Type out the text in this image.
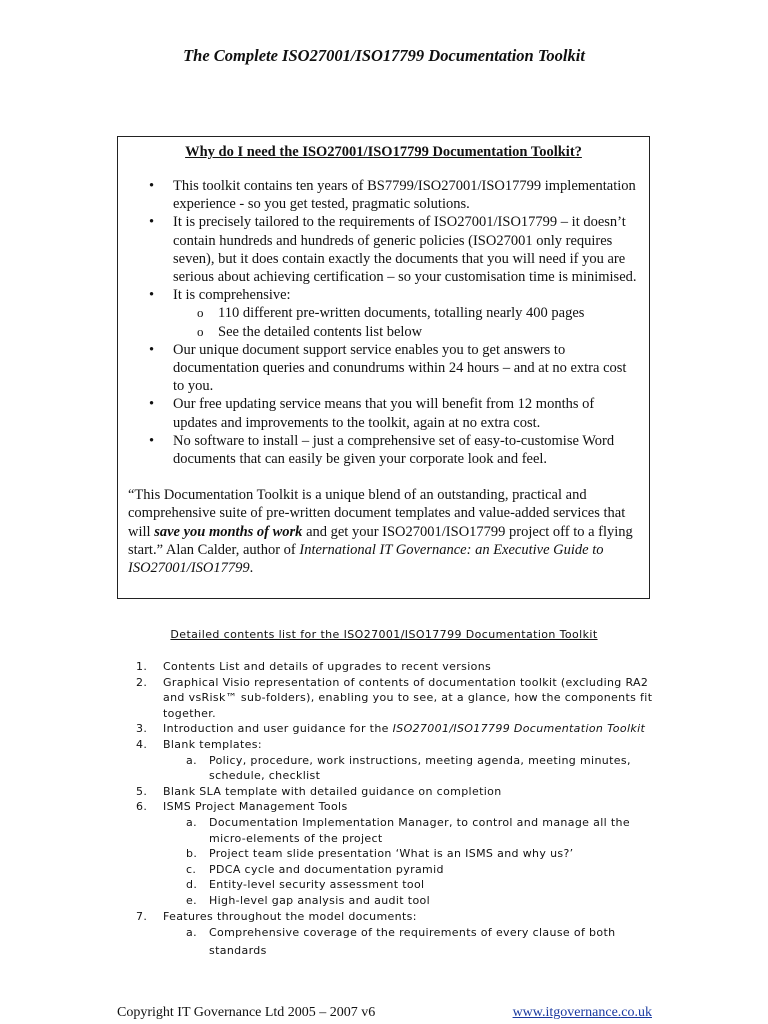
The Complete ISO27001/ISO17799 Documentation Toolkit
Why do I need the ISO27001/ISO17799 Documentation Toolkit?
• This toolkit contains ten years of BS7799/ISO27001/ISO17799 implementation experience - so you get tested, pragmatic solutions.
• It is precisely tailored to the requirements of ISO27001/ISO17799 – it doesn’t contain hundreds and hundreds of generic policies (ISO27001 only requires seven), but it does contain exactly the documents that you will need if you are serious about achieving certification – so your customisation time is minimised.
• It is comprehensive:
o 110 different pre-written documents, totalling nearly 400 pages
o See the detailed contents list below
• Our unique document support service enables you to get answers to documentation queries and conundrums within 24 hours – and at no extra cost to you.
• Our free updating service means that you will benefit from 12 months of updates and improvements to the toolkit, again at no extra cost.
• No software to install – just a comprehensive set of easy-to-customise Word documents that can easily be given your corporate look and feel.
“This Documentation Toolkit is a unique blend of an outstanding, practical and comprehensive suite of pre-written document templates and value-added services that will save you months of work and get your ISO27001/ISO17799 project off to a flying start.” Alan Calder, author of International IT Governance: an Executive Guide to ISO27001/ISO17799.
Detailed contents list for the ISO27001/ISO17799 Documentation Toolkit
1.	Contents List and details of upgrades to recent versions
2.	Graphical Visio representation of contents of documentation toolkit (excluding RA2 and vsRisk™ sub-folders), enabling you to see, at a glance, how the components fit together.
3.	Introduction and user guidance for the ISO27001/ISO17799 Documentation Toolkit
4.	Blank templates:
a.	Policy, procedure, work instructions, meeting agenda, meeting minutes, schedule, checklist
5.	Blank SLA template with detailed guidance on completion
6.	ISMS Project Management Tools
a.	Documentation Implementation Manager, to control and manage all the micro-elements of the project
b.	Project team slide presentation ‘What is an ISMS and why us?’
c.	PDCA cycle and documentation pyramid
d.	Entity-level security assessment tool
e.	High-level gap analysis and audit tool
7.	Features throughout the model documents:
a.	Comprehensive coverage of the requirements of every clause of both standards
Copyright IT Governance Ltd 2005 – 2007 v6	www.itgovernance.co.uk
